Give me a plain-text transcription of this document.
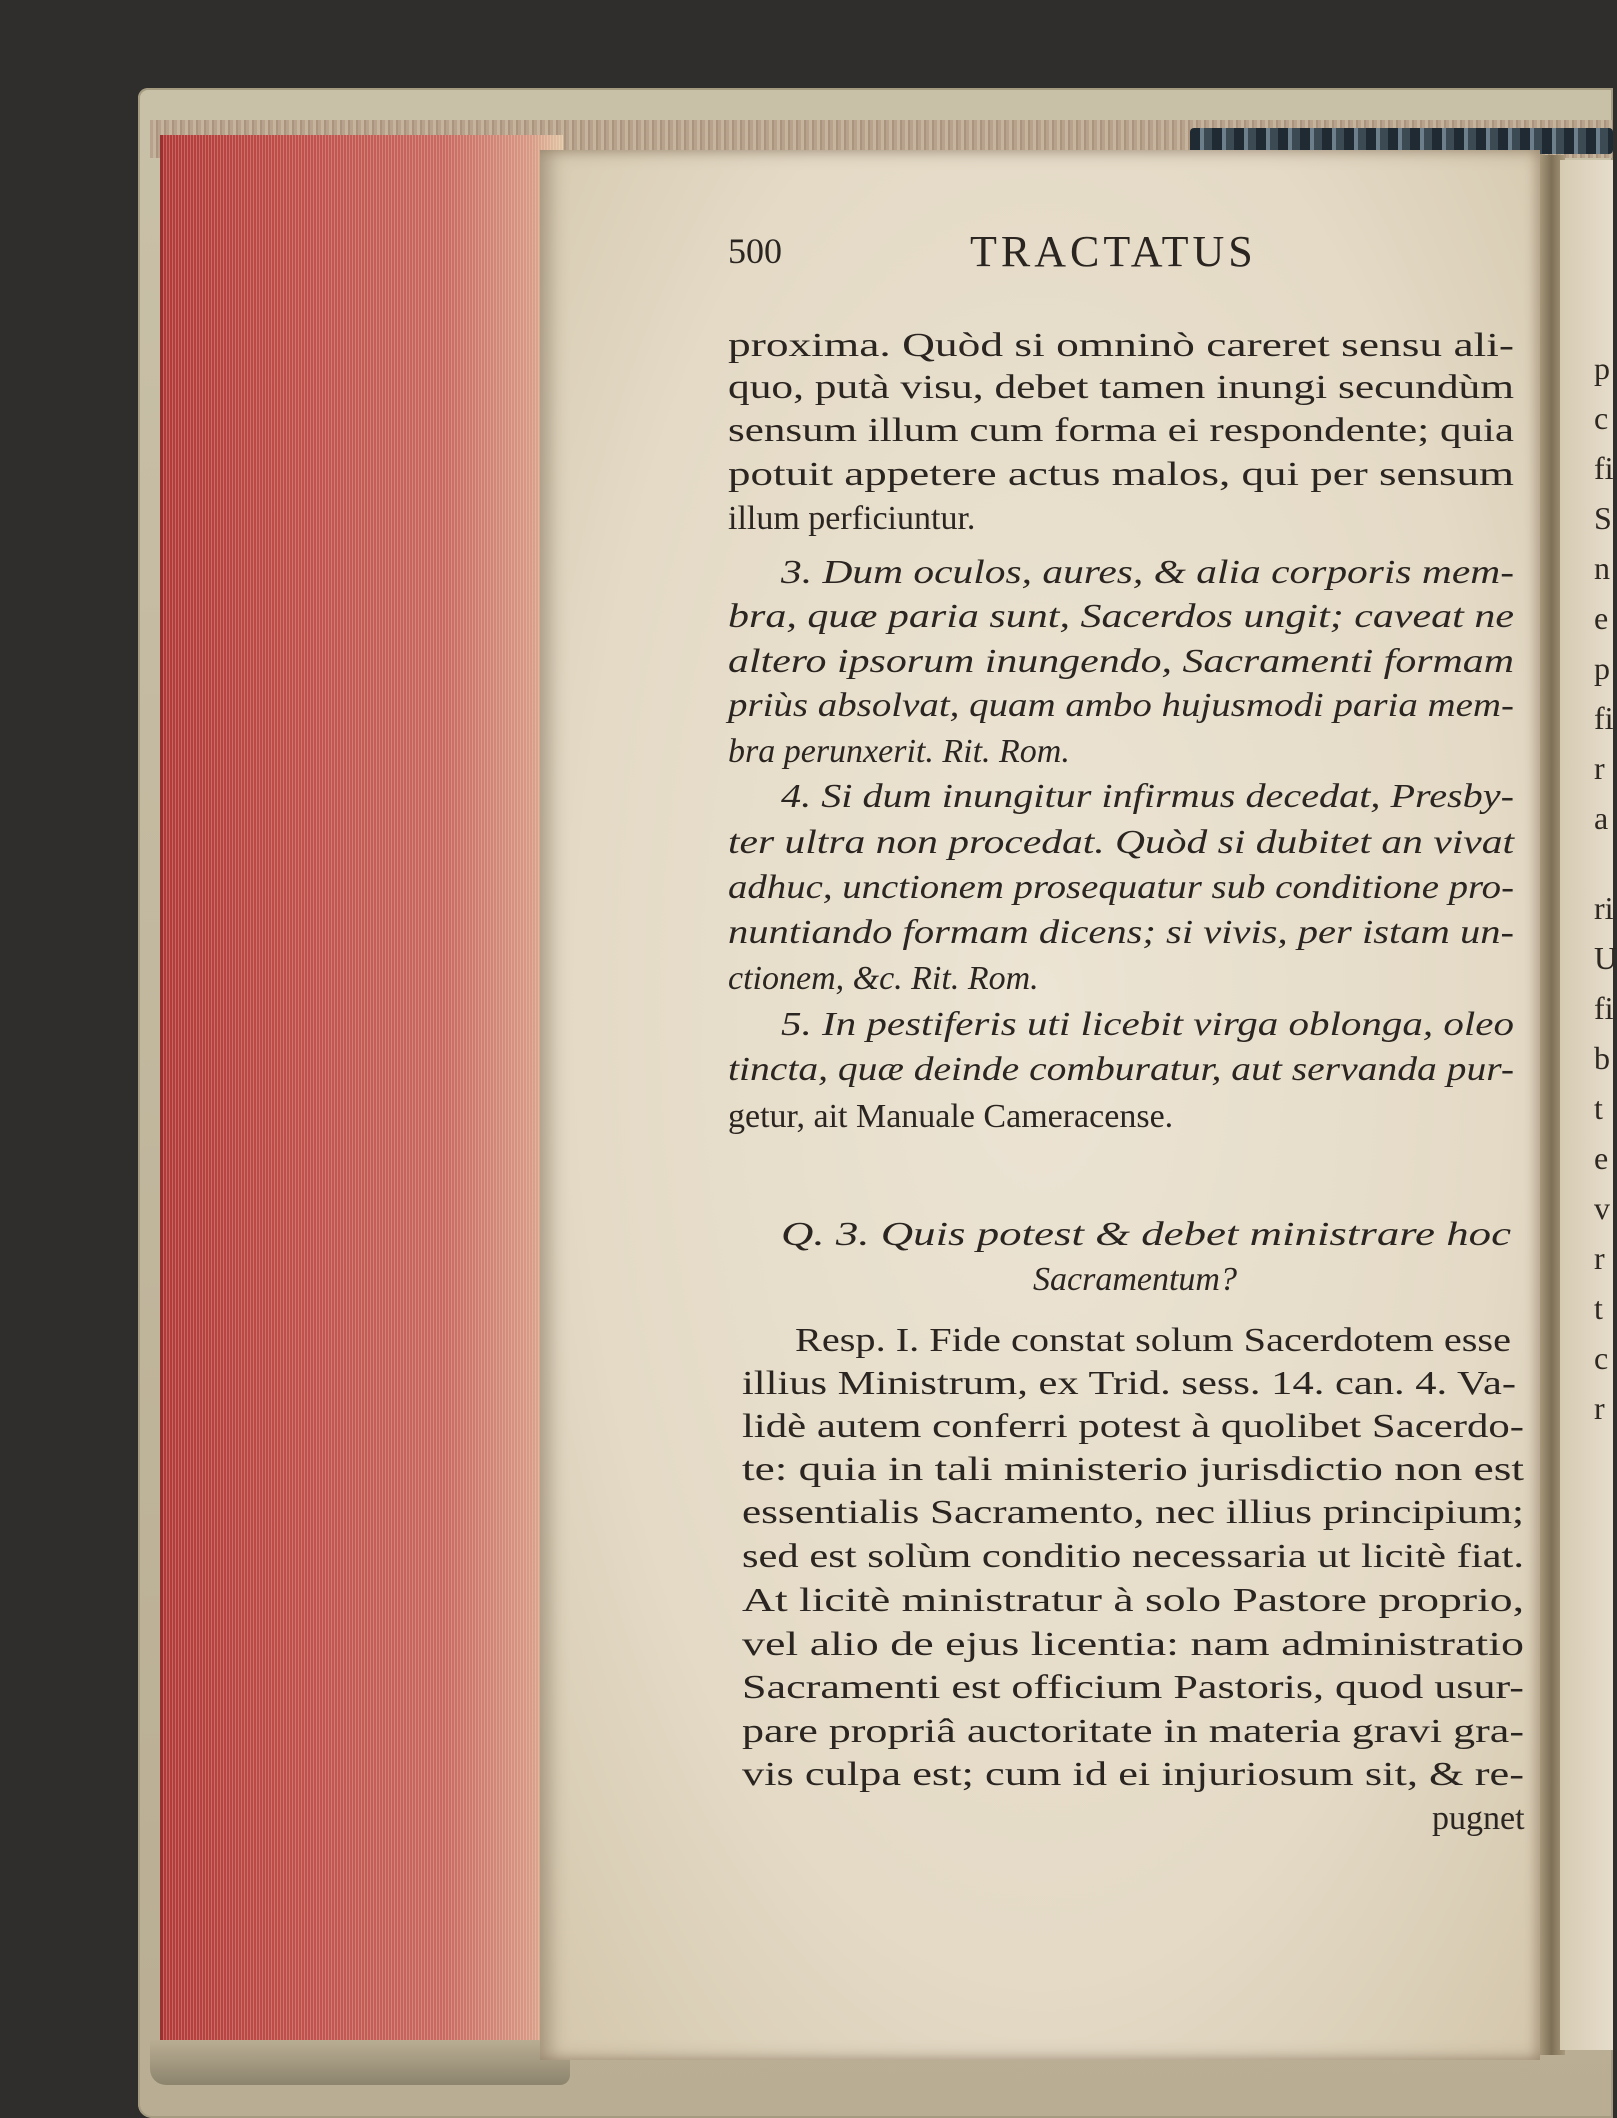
500	TRACTATUS
proxima. Quòd si omninò careret sensu ali-
quo, putà visu, debet tamen inungi secundùm
sensum illum cum forma ei respondente; quia
potuit appetere actus malos, qui per sensum
illum perficiuntur.
3. Dum oculos, aures, & alia corporis mem-
bra, quæ paria sunt, Sacerdos ungit; caveat ne
altero ipsorum inungendo, Sacramenti formam
priùs absolvat, quam ambo hujusmodi paria mem-
bra perunxerit. Rit. Rom.
4. Si dum inungitur infirmus decedat, Presby-
ter ultra non procedat. Quòd si dubitet an vivat
adhuc, unctionem prosequatur sub conditione pro-
nuntiando formam dicens; si vivis, per istam un-
ctionem, &c. Rit. Rom.
5. In pestiferis uti licebit virga oblonga, oleo
tincta, quæ deinde comburatur, aut servanda pur-
getur, ait Manuale Cameracense.
Q. 3. Quis potest & debet ministrare hoc
Sacramentum?
Resp. I. Fide constat solum Sacerdotem esse
illius Ministrum, ex Trid. sess. 14. can. 4. Va-
lidè autem conferri potest à quolibet Sacerdo-
te: quia in tali ministerio jurisdictio non est
essentialis Sacramento, nec illius principium;
sed est solùm conditio necessaria ut licitè fiat.
At licitè ministratur à solo Pastore proprio,
vel alio de ejus licentia: nam administratio
Sacramenti est officium Pastoris, quod usur-
pare propriâ auctoritate in materia gravi gra-
vis culpa est; cum id ei injuriosum sit, & re-
pugnet
p
c
fi
S
n
e
p
fi
r
a
ri
U
fi
b
t
e
v
r
t
c
r
